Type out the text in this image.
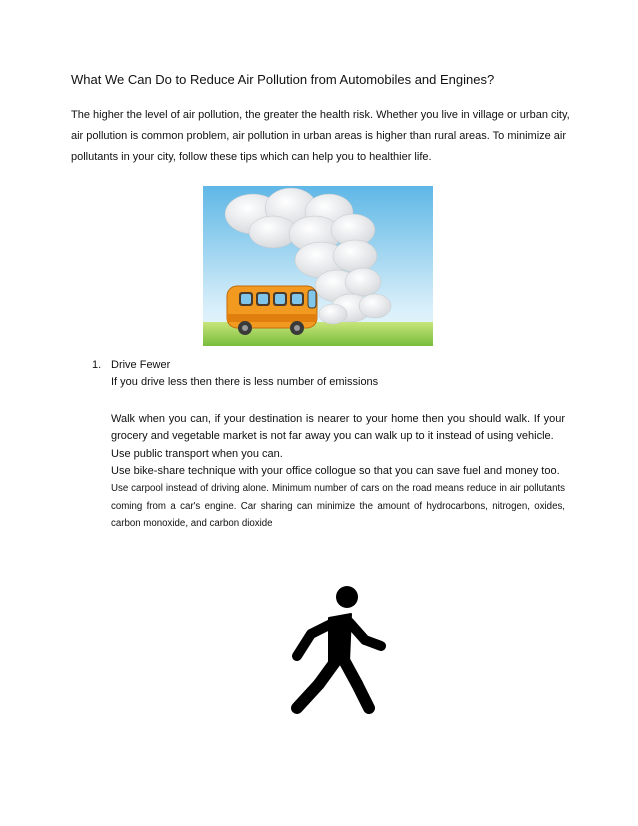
What We Can Do to Reduce Air Pollution from Automobiles and Engines?
The higher the level of air pollution, the greater the health risk. Whether you live in village or urban city, air pollution is common problem, air pollution in urban areas is higher than rural areas. To minimize air pollutants in your city, follow these tips which can help you to healthier life.
1. Drive Fewer
If you drive less then there is less number of emissions

Walk when you can, if your destination is nearer to your home then you should walk. If your grocery and vegetable market is not far away you can walk up to it instead of using vehicle.

Use public transport when you can.

Use bike-share technique with your office collogue so that you can save fuel and money too.

Use carpool instead of driving alone. Minimum number of cars on the road means reduce in air pollutants coming from a car's engine. Car sharing can minimize the amount of hydrocarbons, nitrogen, oxides, carbon monoxide, and carbon dioxide
